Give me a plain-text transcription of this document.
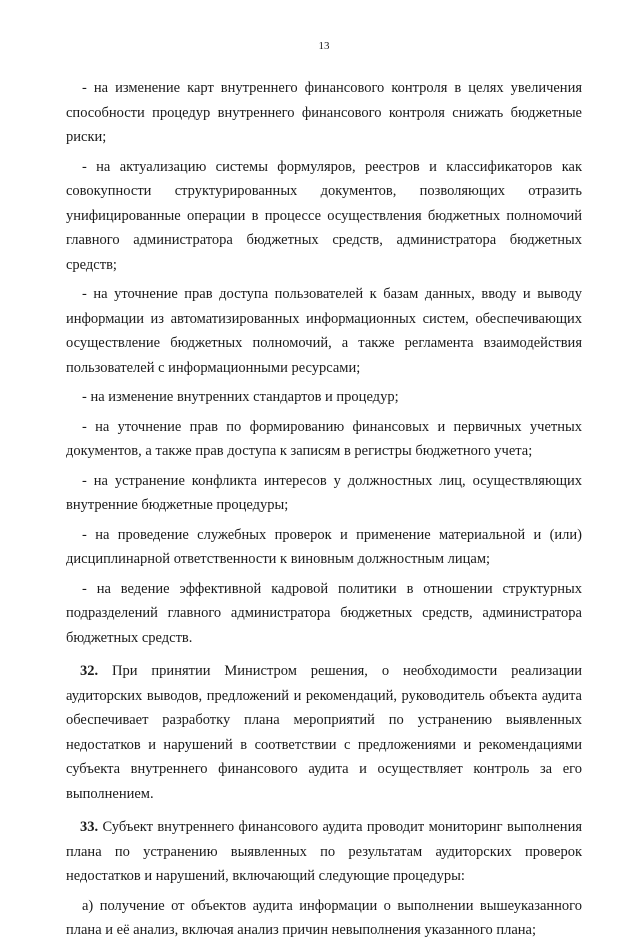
13

- на изменение карт внутреннего финансового контроля в целях увеличения способности процедур внутреннего финансового контроля снижать бюджетные риски;

- на актуализацию системы формуляров, реестров и классификаторов как совокупности структурированных документов, позволяющих отразить унифицированные операции в процессе осуществления бюджетных полномочий главного администратора бюджетных средств, администратора бюджетных средств;

- на уточнение прав доступа пользователей к базам данных, вводу и выводу информации из автоматизированных информационных систем, обеспечивающих осуществление бюджетных полномочий, а также регламента взаимодействия пользователей с информационными ресурсами;

- на изменение внутренних стандартов и процедур;

- на уточнение прав по формированию финансовых и первичных учетных документов, а также прав доступа к записям в регистры бюджетного учета;

- на устранение конфликта интересов у должностных лиц, осуществляющих внутренние бюджетные процедуры;

- на проведение служебных проверок и применение материальной и (или) дисциплинарной ответственности к виновным должностным лицам;

- на ведение эффективной кадровой политики в отношении структурных подразделений главного администратора бюджетных средств, администратора бюджетных средств.

32. При принятии Министром решения, о необходимости реализации аудиторских выводов, предложений и рекомендаций, руководитель объекта аудита обеспечивает разработку плана мероприятий по устранению выявленных недостатков и нарушений в соответствии с предложениями и рекомендациями субъекта внутреннего финансового аудита и осуществляет контроль за его выполнением.

33. Субъект внутреннего финансового аудита проводит мониторинг выполнения плана по устранению выявленных по результатам аудиторских проверок недостатков и нарушений, включающий следующие процедуры:

а) получение от объектов аудита информации о выполнении вышеуказанного плана и её анализ, включая анализ причин невыполнения указанного плана;
